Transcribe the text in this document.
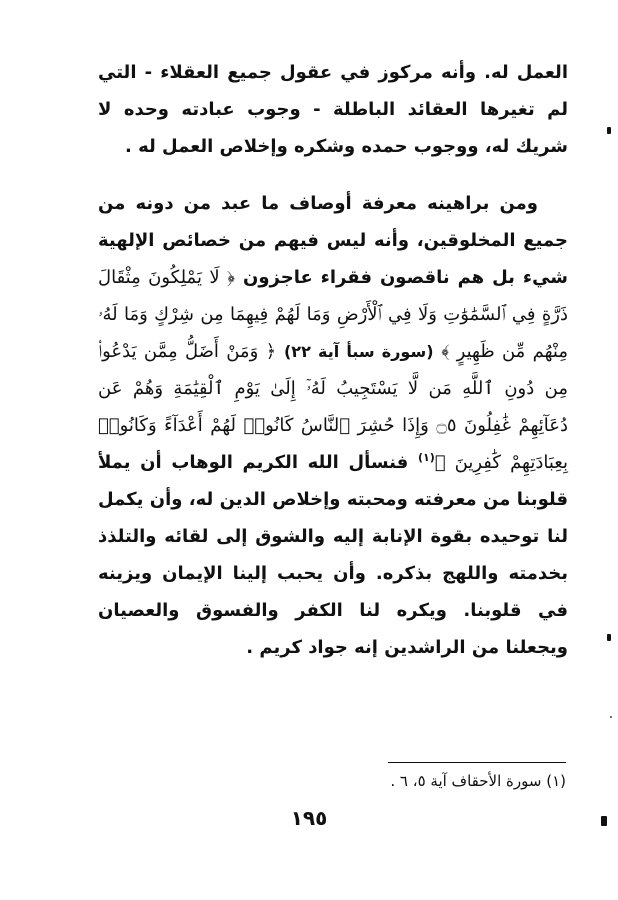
العمل له. وأنه مركوز في عقول جميع العقلاء - التي لم تغيرها العقائد الباطلة - وجوب عبادته وحده لا شريك له، ووجوب حمده وشكره وإخلاص العمل له .

ومن براهينه معرفة أوصاف ما عبد من دونه من جميع المخلوقين، وأنه ليس فيهم من خصائص الإلهية شيء بل هم ناقصون فقراء عاجزون ﴿ لَا يَمْلِكُونَ مِثْقَالَ ذَرَّةٍ فِي ٱلسَّمَٰوَٰتِ وَلَا فِي ٱلْأَرْضِ وَمَا لَهُمْ فِيهِمَا مِن شِرْكٍ وَمَا لَهُۥ مِنْهُم مِّن ظَهِيرٍ ﴾ (سورة سبأ آية ٢٢) ﴿ وَمَنْ أَضَلُّ مِمَّن يَدْعُوا۟ مِن دُونِ ٱللَّهِ مَن لَّا يَسْتَجِيبُ لَهُۥٓ إِلَىٰ يَوْمِ ٱلْقِيَٰمَةِ وَهُمْ عَن دُعَآئِهِمْ غَٰفِلُونَ ۝٥ وَإِذَا حُشِرَ ٱلنَّاسُ كَانُوا۟ لَهُمْ أَعْدَآءً وَكَانُوا۟ بِعِبَادَتِهِمْ كَٰفِرِينَ ﴾$^{(١)}$ فنسأل الله الكريم الوهاب أن يملأ قلوبنا من معرفته ومحبته وإخلاص الدين له، وأن يكمل لنا توحيده بقوة الإنابة إليه والشوق إلى لقائه والتلذذ بخدمته واللهج بذكره. وأن يحبب إلينا الإيمان ويزينه في قلوبنا. ويكره لنا الكفر والفسوق والعصيان ويجعلنا من الراشدين إنه جواد كريم .

(١) سورة الأحقاف آية ٥، ٦ .
١٩٥
